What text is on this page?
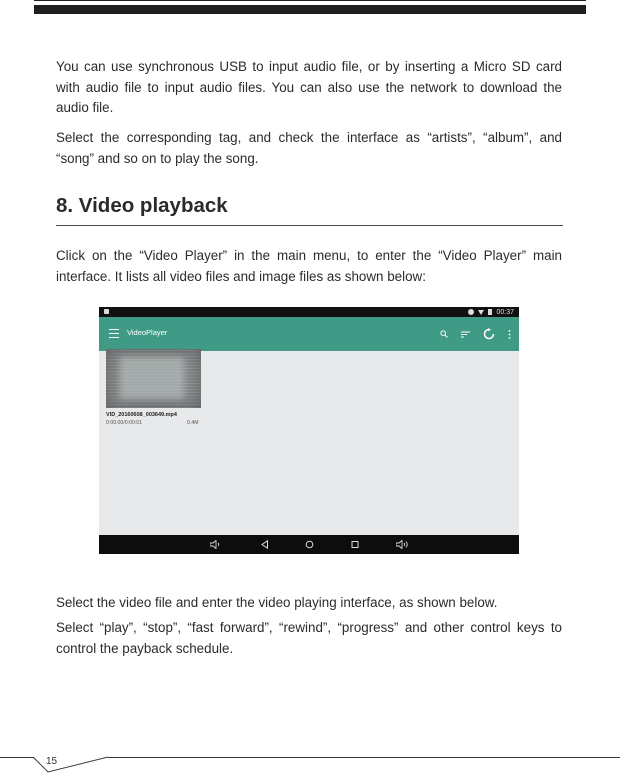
You can use synchronous USB to input audio file, or by inserting a Micro SD card with audio file to input audio files. You can also use the network to download the audio file.

Select the corresponding tag, and check the interface as “artists”, “album”, and “song” and so on to play the song.

8. Video playback

Click on the “Video Player” in the main menu, to enter the “Video Player” main interface. It lists all video files and image files as shown below:

00:37
VideoPlayer
VID_20160608_003649.mp4
0:00:00/0:00:01	0.4M

Select the video file and enter the video playing interface, as shown below.

Select “play”, “stop”, “fast forward”, “rewind”, “progress” and other control keys to control the payback schedule.

15
